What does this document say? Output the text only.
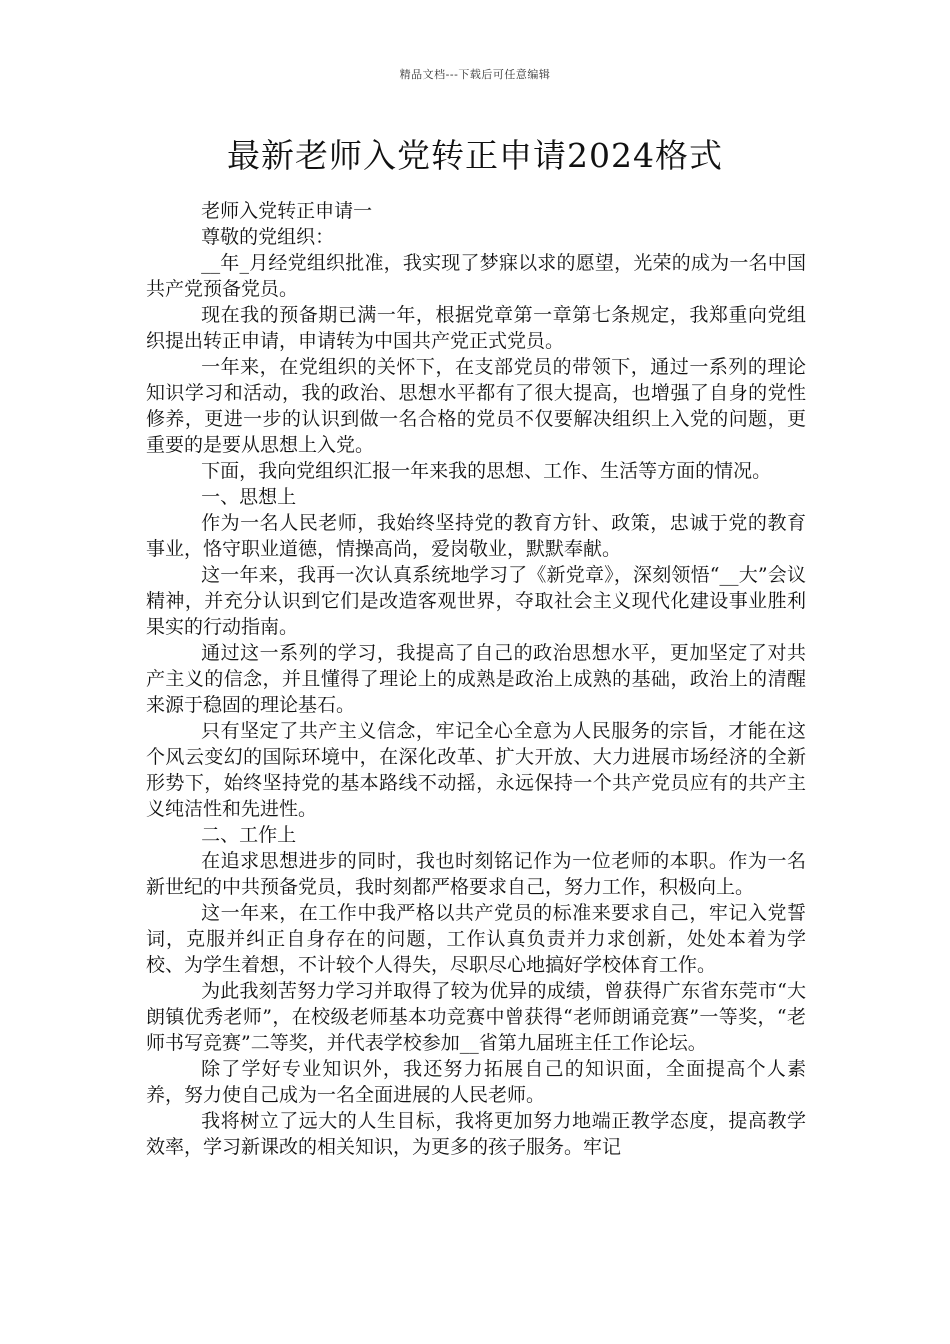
精品文档---下载后可任意编辑
最新老师入党转正申请2024格式

老师入党转正申请一

尊敬的党组织：

__年_月经党组织批准，我实现了梦寐以求的愿望，光荣的成为一名中国共产党预备党员。

现在我的预备期已满一年，根据党章第一章第七条规定，我郑重向党组织提出转正申请，申请转为中国共产党正式党员。

一年来，在党组织的关怀下，在支部党员的带领下，通过一系列的理论知识学习和活动，我的政治、思想水平都有了很大提高，也增强了自身的党性修养，更进一步的认识到做一名合格的党员不仅要解决组织上入党的问题，更重要的是要从思想上入党。

下面，我向党组织汇报一年来我的思想、工作、生活等方面的情况。

一、思想上

作为一名人民老师，我始终坚持党的教育方针、政策，忠诚于党的教育事业，恪守职业道德，情操高尚，爱岗敬业，默默奉献。

这一年来，我再一次认真系统地学习了《新党章》，深刻领悟“__大”会议精神，并充分认识到它们是改造客观世界，夺取社会主义现代化建设事业胜利果实的行动指南。

通过这一系列的学习，我提高了自己的政治思想水平，更加坚定了对共产主义的信念，并且懂得了理论上的成熟是政治上成熟的基础，政治上的清醒来源于稳固的理论基石。

只有坚定了共产主义信念，牢记全心全意为人民服务的宗旨，才能在这个风云变幻的国际环境中，在深化改革、扩大开放、大力进展市场经济的全新形势下，始终坚持党的基本路线不动摇，永远保持一个共产党员应有的共产主义纯洁性和先进性。

二、工作上

在追求思想进步的同时，我也时刻铭记作为一位老师的本职。作为一名新世纪的中共预备党员，我时刻都严格要求自己，努力工作，积极向上。

这一年来，在工作中我严格以共产党员的标准来要求自己，牢记入党誓词，克服并纠正自身存在的问题，工作认真负责并力求创新，处处本着为学校、为学生着想，不计较个人得失，尽职尽心地搞好学校体育工作。

为此我刻苦努力学习并取得了较为优异的成绩，曾获得广东省东莞市“大朗镇优秀老师”，在校级老师基本功竞赛中曾获得“老师朗诵竞赛”一等奖，“老师书写竞赛”二等奖，并代表学校参加__省第九届班主任工作论坛。

除了学好专业知识外，我还努力拓展自己的知识面，全面提高个人素养，努力使自己成为一名全面进展的人民老师。

我将树立了远大的人生目标，我将更加努力地端正教学态度，提高教学效率，学习新课改的相关知识，为更多的孩子服务。牢记
